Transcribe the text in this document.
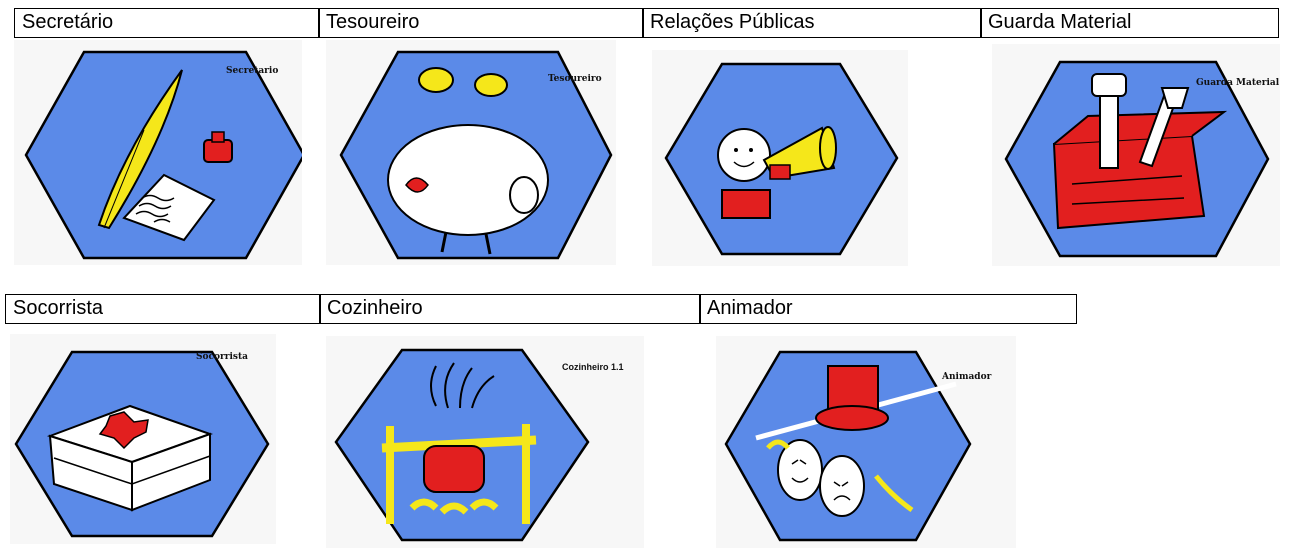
Secretário	Tesoureiro	Relações Públicas	Guarda Material
Secretario
Tesoureiro	Guarda Material
Socorrista	Cozinheiro	Animador
Socorrista
Cozinheiro 1.1
Animador
